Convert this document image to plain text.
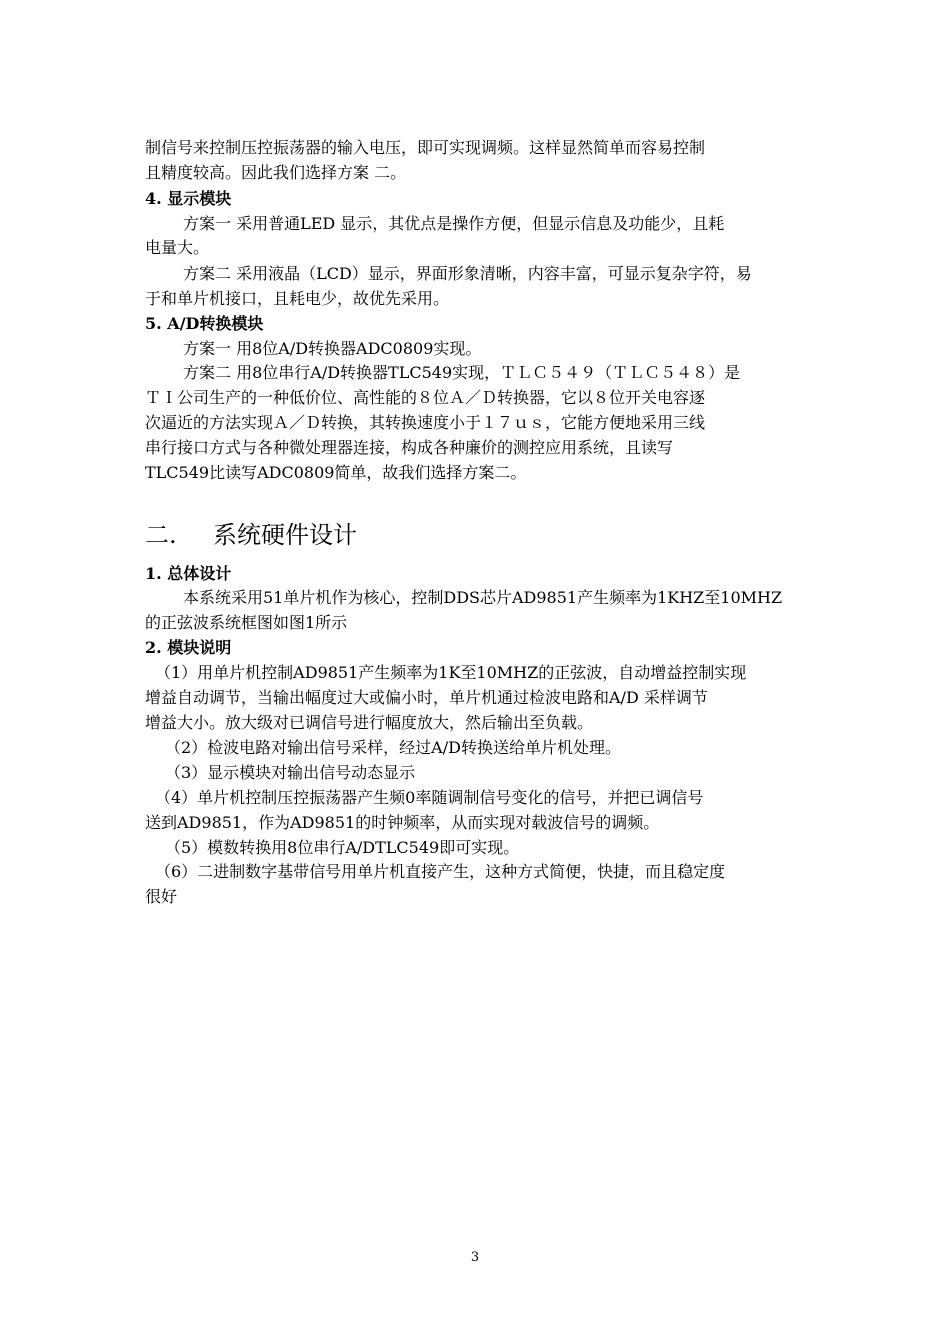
制信号来控制压控振荡器的输入电压，即可实现调频。这样显然简单而容易控制
且精度较高。因此我们选择方案 二。
4. 显示模块
方案一 采用普通LED 显示，其优点是操作方便，但显示信息及功能少，且耗
电量大。
方案二 采用液晶（LCD）显示，界面形象清晰，内容丰富，可显示复杂字符，易
于和单片机接口，且耗电少，故优先采用。
5. A/D转换模块
方案一 用8位A/D转换器ADC0809实现。
方案二 用8位串行A/D转换器TLC549实现，ＴＬＣ５４９（ＴＬＣ５４８）是
ＴＩ公司生产的一种低价位、高性能的８位Ａ／Ｄ转换器，它以８位开关电容逐
次逼近的方法实现Ａ／Ｄ转换，其转换速度小于１７ｕｓ，它能方便地采用三线
串行接口方式与各种微处理器连接，构成各种廉价的测控应用系统，且读写
TLC549比读写ADC0809简单，故我们选择方案二。
二. 系统硬件设计
1. 总体设计
本系统采用51单片机作为核心，控制DDS芯片AD9851产生频率为1KHZ至10MHZ
的正弦波系统框图如图1所示
2. 模块说明
（1）用单片机控制AD9851产生频率为1K至10MHZ的正弦波，自动增益控制实现
增益自动调节，当输出幅度过大或偏小时，单片机通过检波电路和A/D 采样调节
增益大小。放大级对已调信号进行幅度放大，然后输出至负载。
（2）检波电路对输出信号采样，经过A/D转换送给单片机处理。
（3）显示模块对输出信号动态显示
（4）单片机控制压控振荡器产生频0率随调制信号变化的信号，并把已调信号
送到AD9851，作为AD9851的时钟频率，从而实现对载波信号的调频。
（5）模数转换用8位串行A/DTLC549即可实现。
（6）二进制数字基带信号用单片机直接产生，这种方式简便，快捷，而且稳定度
很好
3
